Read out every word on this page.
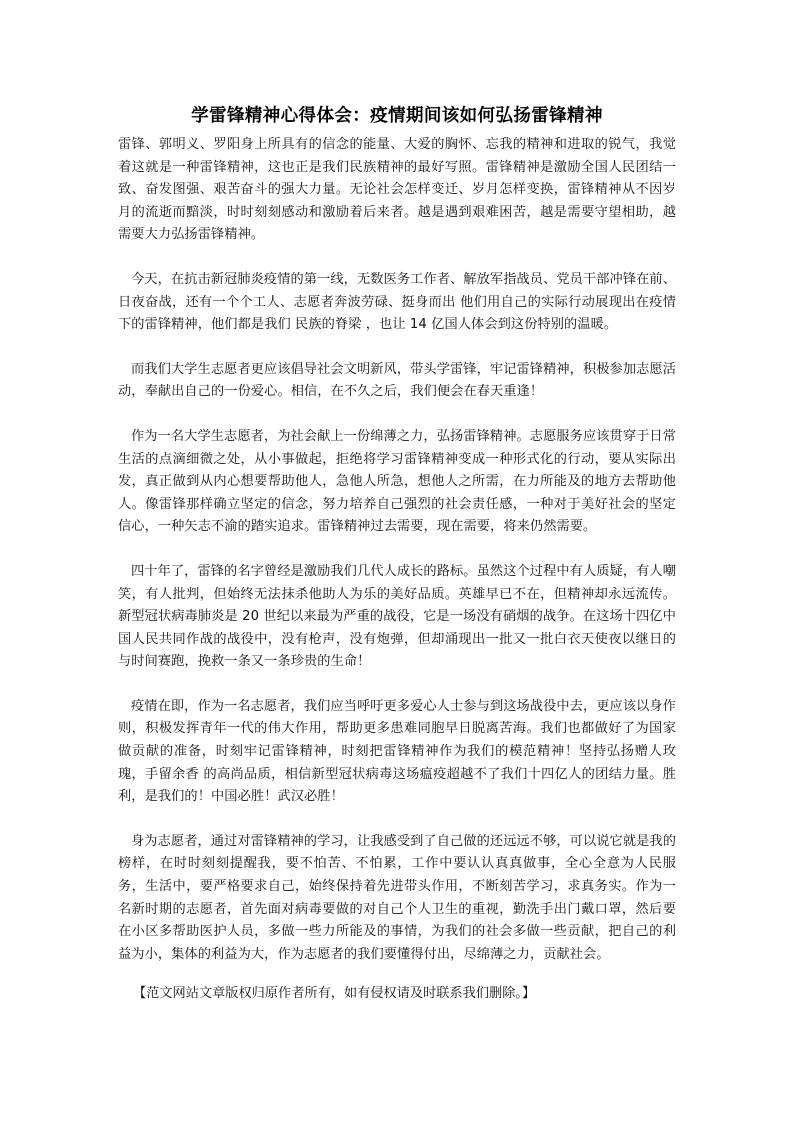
学雷锋精神心得体会：疫情期间该如何弘扬雷锋精神

雷锋、郭明义、罗阳身上所具有的信念的能量、大爱的胸怀、忘我的精神和进取的锐气，我觉着这就是一种雷锋精神，这也正是我们民族精神的最好写照。雷锋精神是激励全国人民团结一致、奋发图强、艰苦奋斗的强大力量。无论社会怎样变迁、岁月怎样变换，雷锋精神从不因岁月的流逝而黯淡，时时刻刻感动和激励着后来者。越是遇到艰难困苦，越是需要守望相助，越需要大力弘扬雷锋精神。

今天，在抗击新冠肺炎疫情的第一线，无数医务工作者、解放军指战员、党员干部冲锋在前、日夜奋战，还有一个个工人、志愿者奔波劳碌、挺身而出 他们用自己的实际行动展现出在疫情下的雷锋精神，他们都是我们 民族的脊梁 ，也让 14 亿国人体会到这份特别的温暖。

而我们大学生志愿者更应该倡导社会文明新风，带头学雷锋，牢记雷锋精神，积极参加志愿活动，奉献出自己的一份爱心。相信，在不久之后，我们便会在春天重逢！

作为一名大学生志愿者，为社会献上一份绵薄之力，弘扬雷锋精神。志愿服务应该贯穿于日常生活的点滴细微之处，从小事做起，拒绝将学习雷锋精神变成一种形式化的行动，要从实际出发，真正做到从内心想要帮助他人，急他人所急，想他人之所需，在力所能及的地方去帮助他人。像雷锋那样确立坚定的信念，努力培养自己强烈的社会责任感，一种对于美好社会的坚定信心，一种矢志不渝的踏实追求。雷锋精神过去需要，现在需要，将来仍然需要。

四十年了，雷锋的名字曾经是激励我们几代人成长的路标。虽然这个过程中有人质疑，有人嘲笑，有人批判，但始终无法抹杀他助人为乐的美好品质。英雄早已不在，但精神却永远流传。新型冠状病毒肺炎是 20 世纪以来最为严重的战役，它是一场没有硝烟的战争。在这场十四亿中国人民共同作战的战役中，没有枪声，没有炮弹，但却涌现出一批又一批白衣天使夜以继日的与时间赛跑，挽救一条又一条珍贵的生命！

疫情在即，作为一名志愿者，我们应当呼吁更多爱心人士参与到这场战役中去，更应该以身作则，积极发挥青年一代的伟大作用，帮助更多患难同胞早日脱离苦海。我们也都做好了为国家做贡献的准备，时刻牢记雷锋精神，时刻把雷锋精神作为我们的模范精神！坚持弘扬赠人玫瑰，手留余香 的高尚品质，相信新型冠状病毒这场瘟疫超越不了我们十四亿人的团结力量。胜利，是我们的！中国必胜！武汉必胜！

身为志愿者，通过对雷锋精神的学习，让我感受到了自己做的还远远不够，可以说它就是我的榜样，在时时刻刻提醒我，要不怕苦、不怕累，工作中要认认真真做事，全心全意为人民服务，生活中，要严格要求自己，始终保持着先进带头作用，不断刻苦学习，求真务实。作为一名新时期的志愿者，首先面对病毒要做的对自己个人卫生的重视，勤洗手出门戴口罩，然后要在小区多帮助医护人员，多做一些力所能及的事情，为我们的社会多做一些贡献，把自己的利益为小，集体的利益为大，作为志愿者的我们要懂得付出，尽绵薄之力，贡献社会。

【范文网站文章版权归原作者所有，如有侵权请及时联系我们删除。】
